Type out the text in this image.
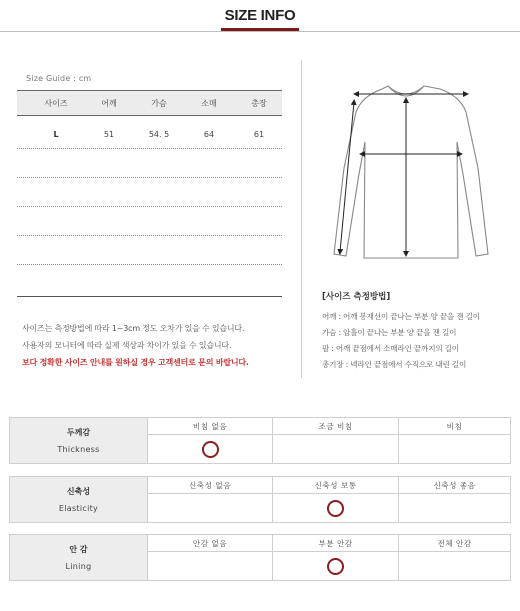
SIZE INFO
Size Guide : cm
사이즈	어깨	가슴	소매	총장
L	51	54. 5	64	61
사이즈는 측정방법에 따라 1~3cm 정도 오차가 있을 수 있습니다.
사용자의 모니터에 따라 실제 색상과 차이가 있을 수 있습니다.
보다 정확한 사이즈 안내를 원하실 경우 고객센터로 문의 바랍니다.
[사이즈 측정방법]
어깨 : 어깨 봉재선이 끝나는 부분 양 끝을 잰 길이
가슴 : 암홀이 끝나는 부분 양 끝을 잰 길이
팔 : 어깨 끝점에서 소매라인 끝까지의 길이
총기장 : 넥라인 끝점에서 수직으로 내린 길이
두께감
Thickness
비침 없음	조금 비침	비침
신축성
Elasticity
신축성 없음	신축성 보통	신축성 좋음
안 감
Lining
안감 없음	부분 안감	전체 안감
